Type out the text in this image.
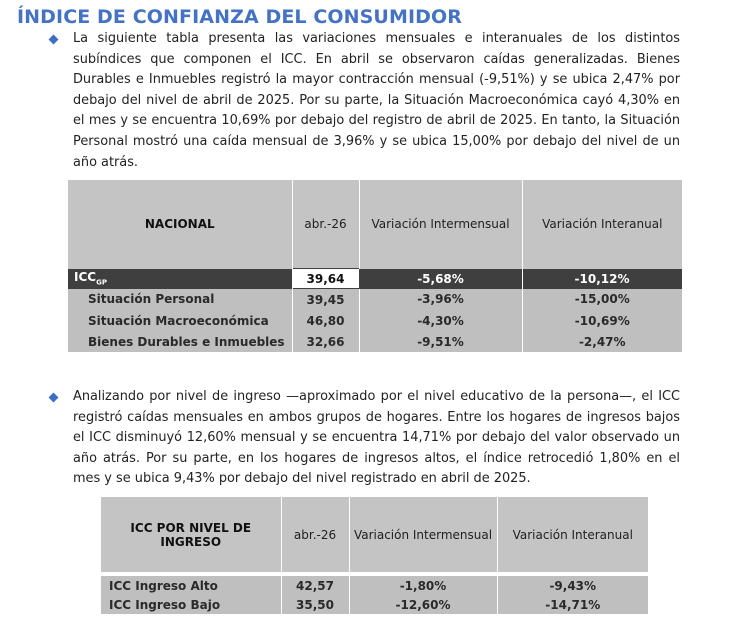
ÍNDICE DE CONFIANZA DEL CONSUMIDOR
La siguiente tabla presenta las variaciones mensuales e interanuales de los distintos subíndices que componen el ICC. En abril se observaron caídas generalizadas. Bienes Durables e Inmuebles registró la mayor contracción mensual (-9,51%) y se ubica 2,47% por debajo del nivel de abril de 2025. Por su parte, la Situación Macroeconómica cayó 4,30% en el mes y se encuentra 10,69% por debajo del registro de abril de 2025. En tanto, la Situación Personal mostró una caída mensual de 3,96% y se ubica 15,00% por debajo del nivel de un año atrás.
NACIONAL	abr.-26	Variación Intermensual	Variación Interanual
$ICC_{GP}$	39,64	-5,68%	-10,12%
Situación Personal	39,45	-3,96%	-15,00%
Situación Macroeconómica	46,80	-4,30%	-10,69%
Bienes Durables e Inmuebles	32,66	-9,51%	-2,47%
Analizando por nivel de ingreso —aproximado por el nivel educativo de la persona—, el ICC registró caídas mensuales en ambos grupos de hogares. Entre los hogares de ingresos bajos el ICC disminuyó 12,60% mensual y se encuentra 14,71% por debajo del valor observado un año atrás. Por su parte, en los hogares de ingresos altos, el índice retrocedió 1,80% en el mes y se ubica 9,43% por debajo del nivel registrado en abril de 2025.
ICC POR NIVEL DE INGRESO	abr.-26	Variación Intermensual	Variación Interanual

ICC Ingreso Alto	42,57	-1,80%	-9,43%
ICC Ingreso Bajo	35,50	-12,60%	-14,71%
